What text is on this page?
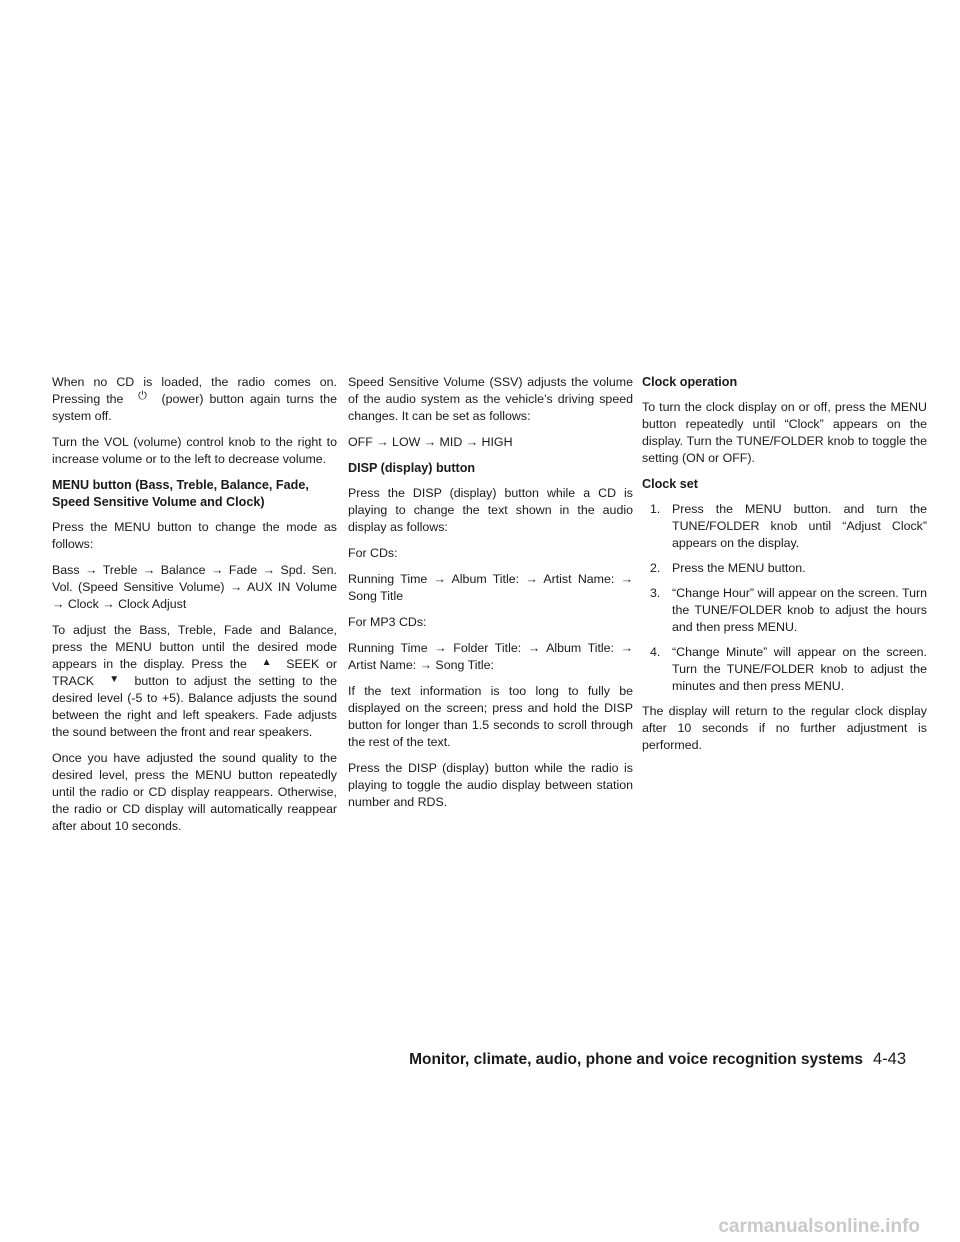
When no CD is loaded, the radio comes on. Pressing the ⏻ (power) button again turns the system off.

Turn the VOL (volume) control knob to the right to increase volume or to the left to decrease volume.

MENU button (Bass, Treble, Balance, Fade, Speed Sensitive Volume and Clock)

Press the MENU button to change the mode as follows:

Bass → Treble → Balance → Fade → Spd. Sen. Vol. (Speed Sensitive Volume) → AUX IN Volume → Clock → Clock Adjust

To adjust the Bass, Treble, Fade and Balance, press the MENU button until the desired mode appears in the display. Press the ▲ SEEK or TRACK ▼ button to adjust the setting to the desired level (-5 to +5). Balance adjusts the sound between the right and left speakers. Fade adjusts the sound between the front and rear speakers.

Once you have adjusted the sound quality to the desired level, press the MENU button repeatedly until the radio or CD display reappears. Otherwise, the radio or CD display will automatically reappear after about 10 seconds.

Speed Sensitive Volume (SSV) adjusts the volume of the audio system as the vehicle’s driving speed changes. It can be set as follows:

OFF → LOW → MID → HIGH

DISP (display) button

Press the DISP (display) button while a CD is playing to change the text shown in the audio display as follows:

For CDs:

Running Time → Album Title: → Artist Name: → Song Title

For MP3 CDs:

Running Time → Folder Title: → Album Title: → Artist Name: → Song Title:

If the text information is too long to fully be displayed on the screen; press and hold the DISP button for longer than 1.5 seconds to scroll through the rest of the text.

Press the DISP (display) button while the radio is playing to toggle the audio display between station number and RDS.

Clock operation

To turn the clock display on or off, press the MENU button repeatedly until “Clock” appears on the display. Turn the TUNE/FOLDER knob to toggle the setting (ON or OFF).

Clock set
1. Press the MENU button. and turn the TUNE/FOLDER knob until “Adjust Clock” appears on the display.
2. Press the MENU button.
3. “Change Hour” will appear on the screen. Turn the TUNE/FOLDER knob to adjust the hours and then press MENU.
4. “Change Minute” will appear on the screen. Turn the TUNE/FOLDER knob to adjust the minutes and then press MENU.

The display will return to the regular clock display after 10 seconds if no further adjustment is performed.

Monitor, climate, audio, phone and voice recognition systems 4-43
carmanualsonline.info
